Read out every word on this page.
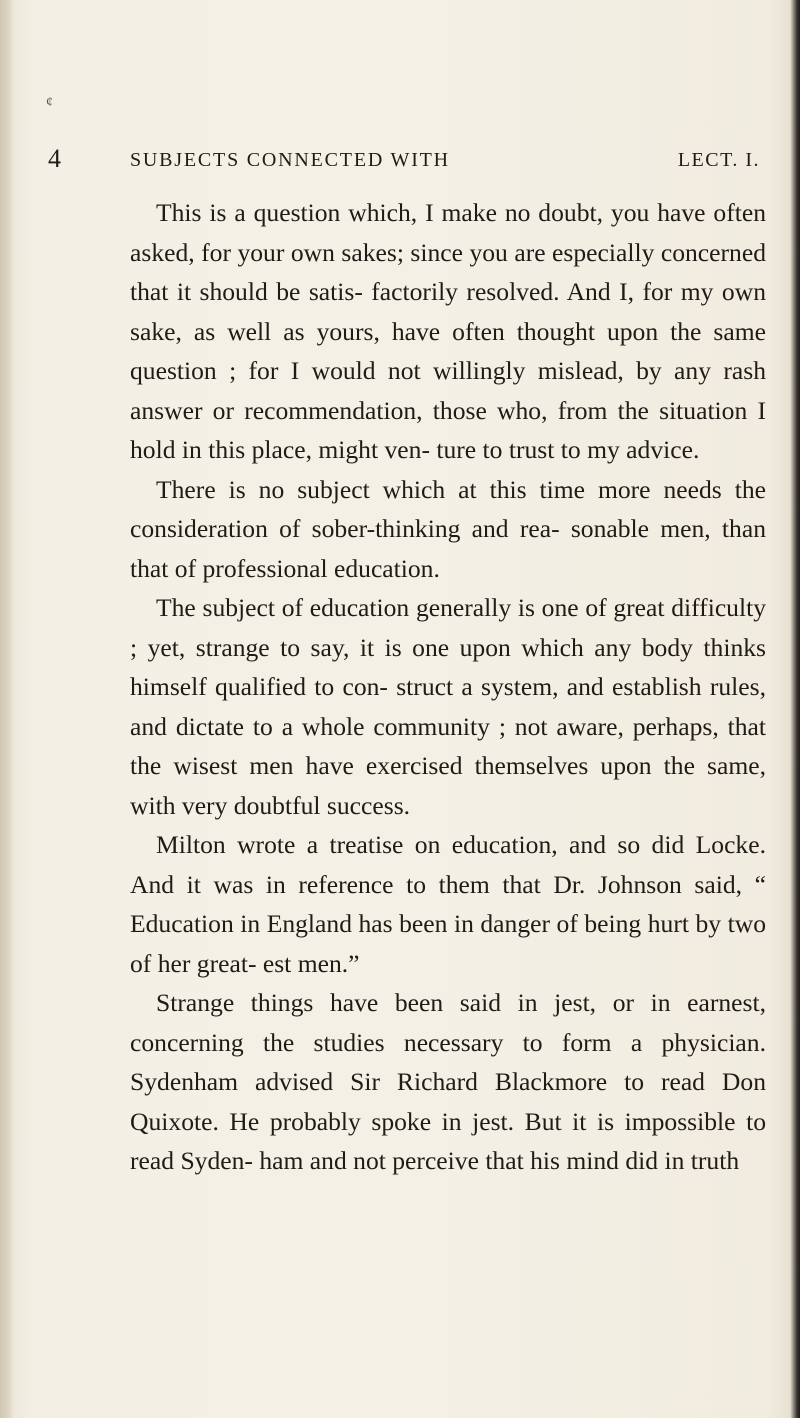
¢
4	SUBJECTS CONNECTED WITH	LECT. I.

This is a question which, I make no doubt, you have often asked, for your own sakes; since you are especially concerned that it should be satis- factorily resolved. And I, for my own sake, as well as yours, have often thought upon the same question ; for I would not willingly mislead, by any rash answer or recommendation, those who, from the situation I hold in this place, might ven- ture to trust to my advice.

There is no subject which at this time more needs the consideration of sober-thinking and rea- sonable men, than that of professional education.

The subject of education generally is one of great difficulty ; yet, strange to say, it is one upon which any body thinks himself qualified to con- struct a system, and establish rules, and dictate to a whole community ; not aware, perhaps, that the wisest men have exercised themselves upon the same, with very doubtful success.

Milton wrote a treatise on education, and so did Locke. And it was in reference to them that Dr. Johnson said, “ Education in England has been in danger of being hurt by two of her great- est men.”

Strange things have been said in jest, or in earnest, concerning the studies necessary to form a physician. Sydenham advised Sir Richard Blackmore to read Don Quixote. He probably spoke in jest. But it is impossible to read Syden- ham and not perceive that his mind did in truth
